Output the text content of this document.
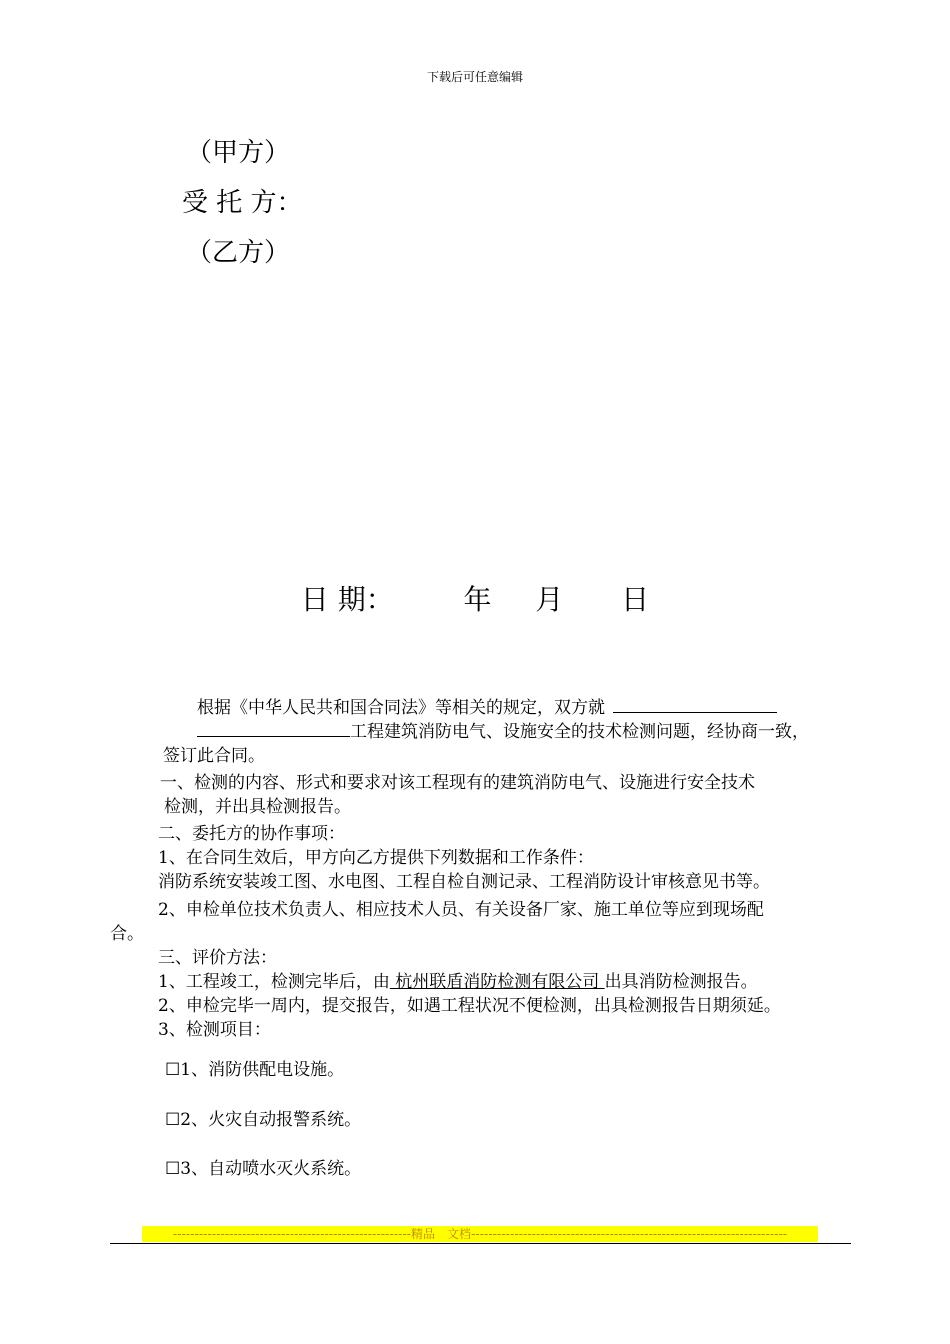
下载后可任意编辑
（甲方）
受 托 方：
（乙方）
日 期： 年 月 日
根据《中华人民共和国合同法》等相关的规定，双方就
工程建筑消防电气、设施安全的技术检测问题，经协商一致，
签订此合同。
一、检测的内容、形式和要求对该工程现有的建筑消防电气、设施进行安全技术
检测，并出具检测报告。
二、委托方的协作事项：
1、在合同生效后，甲方向乙方提供下列数据和工作条件：
消防系统安装竣工图、水电图、工程自检自测记录、工程消防设计审核意见书等。
2、申检单位技术负责人、相应技术人员、有关设备厂家、施工单位等应到现场配
合。
三、评价方法：
1、工程竣工，检测完毕后，由 杭州联盾消防检测有限公司 出具消防检测报告。
2、申检完毕一周内，提交报告，如遇工程状况不便检测，出具检测报告日期须延。
3、检测项目：
☐1、消防供配电设施。
☐2、火灾自动报警系统。
☐3、自动喷水灭火系统。
-------------------------------------------------------精品　文档-------------------------------------------------------------------------
